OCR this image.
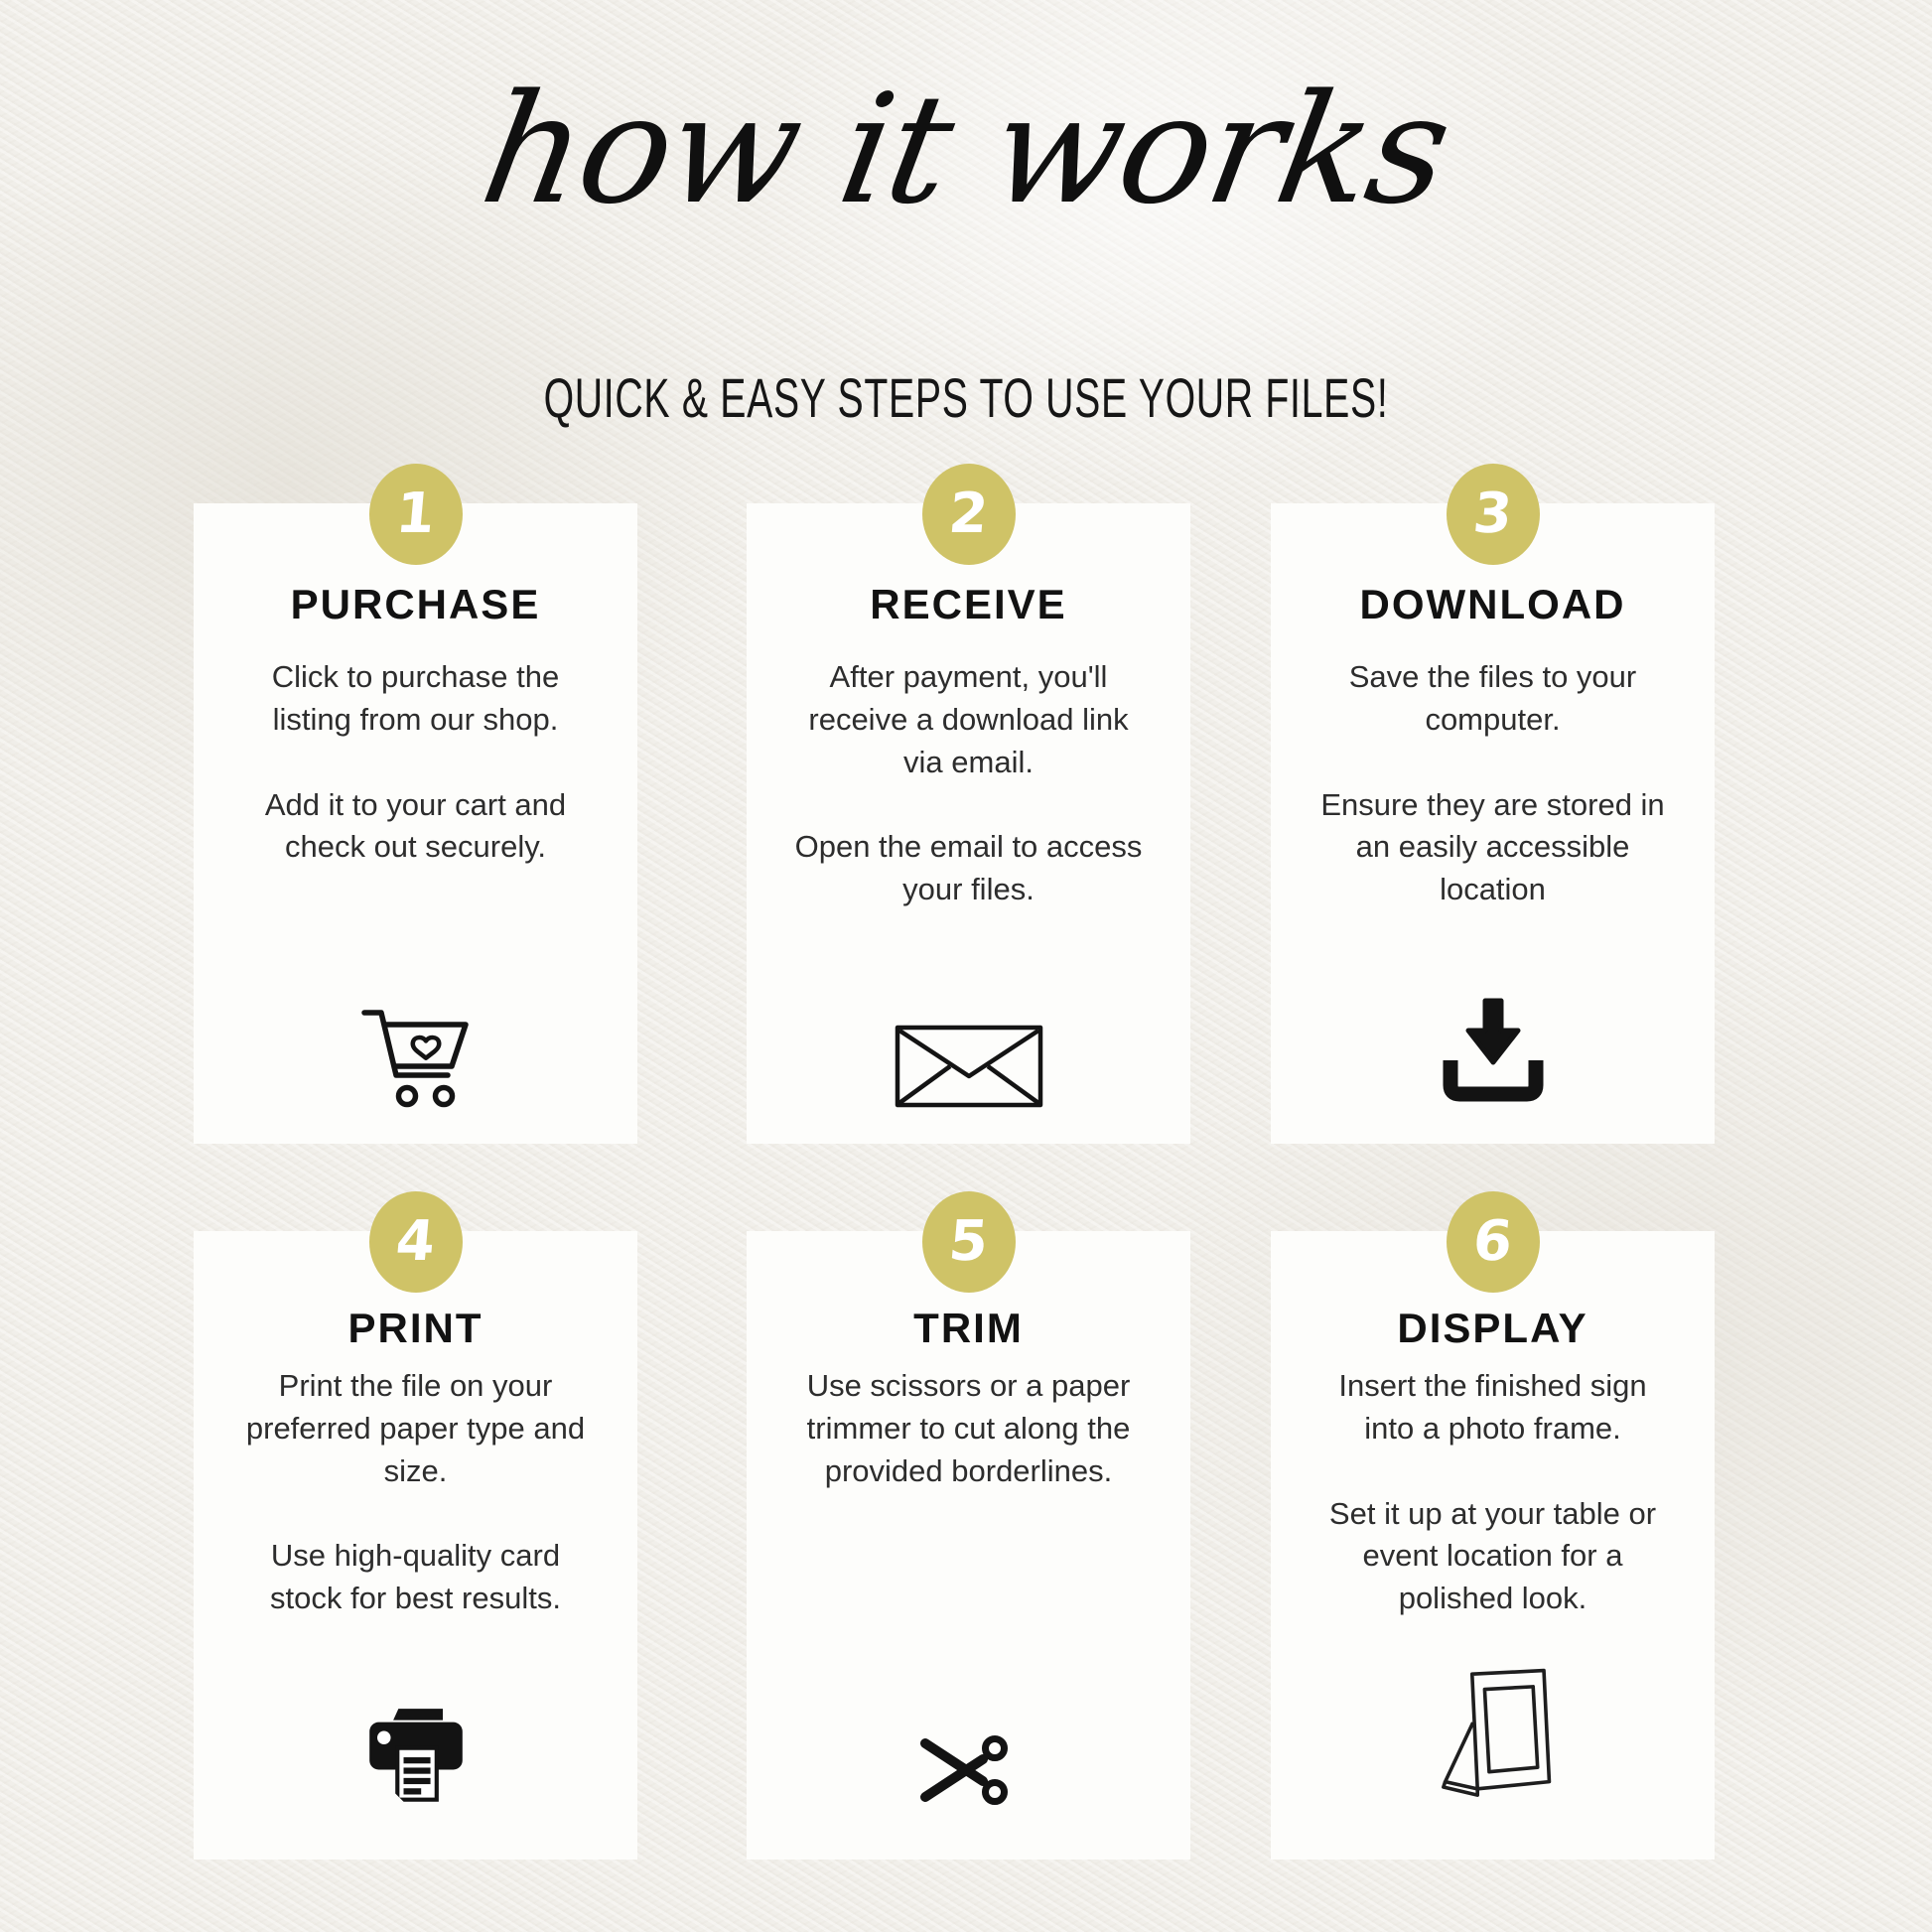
how it works
QUICK & EASY STEPS TO USE YOUR FILES!
1
PURCHASE

Click to purchase the listing from our shop.

Add it to your cart and check out securely.

2
RECEIVE

After payment, you'll receive a download link via email.

Open the email to access your files.

3
DOWNLOAD

Save the files to your computer.

Ensure they are stored in an easily accessible location

4
PRINT

Print the file on your preferred paper type and size.

Use high-quality card stock for best results.

5
TRIM

Use scissors or a paper trimmer to cut along the provided borderlines.

6
DISPLAY

Insert the finished sign into a photo frame.

Set it up at your table or event location for a polished look.
